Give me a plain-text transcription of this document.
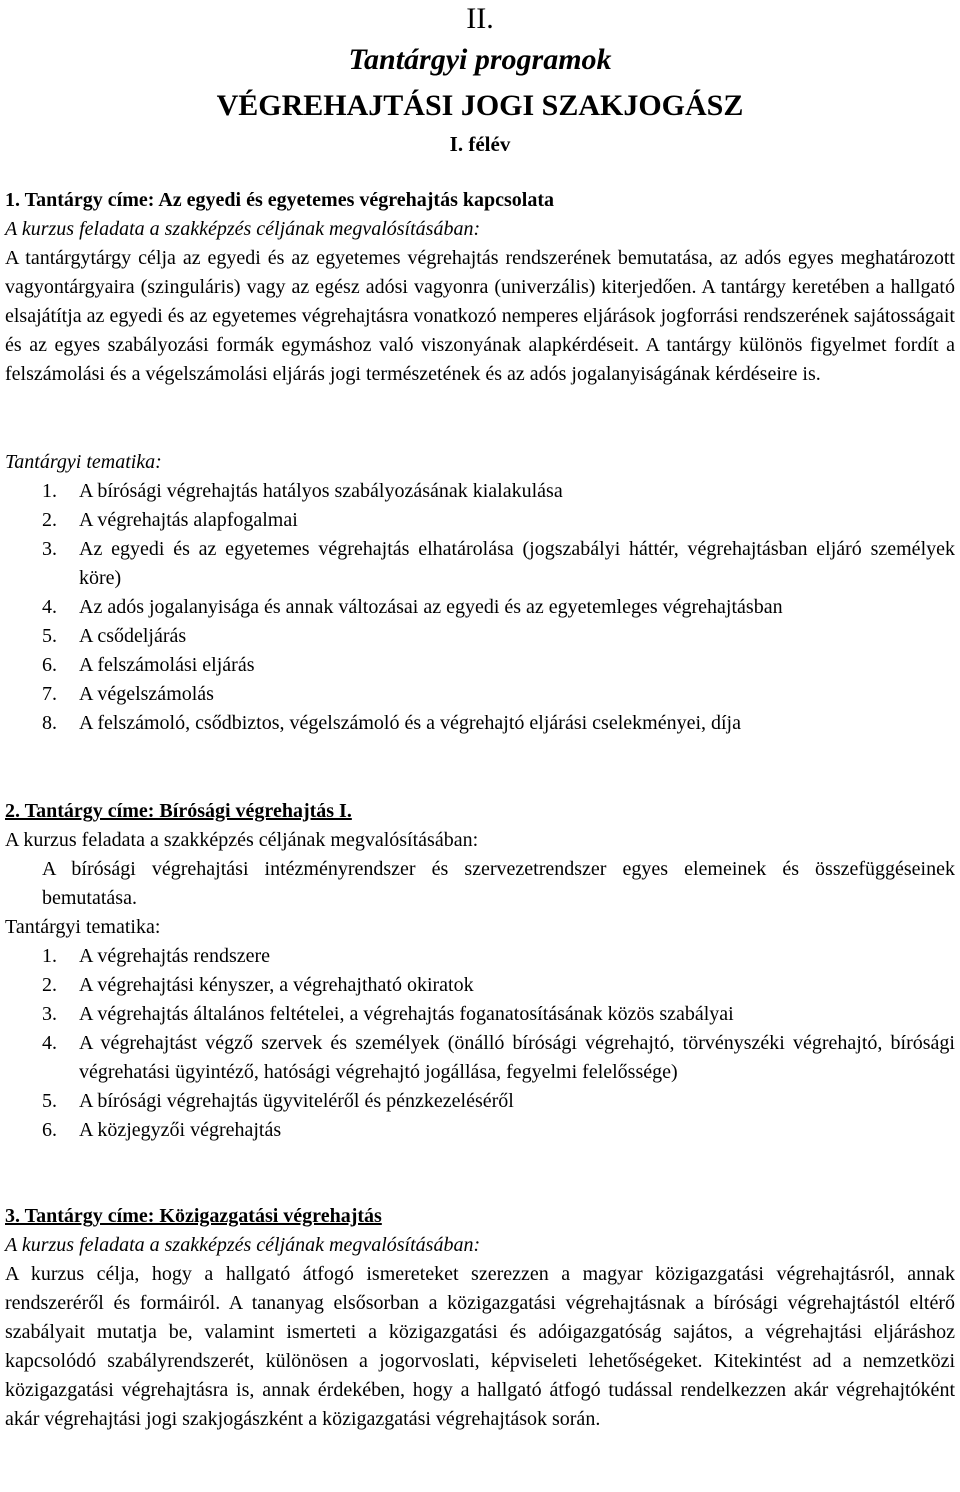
II.
Tantárgyi programok
VÉGREHAJTÁSI JOGI SZAKJOGÁSZ
I. félév
1. Tantárgy címe: Az egyedi és egyetemes végrehajtás kapcsolata
A kurzus feladata a szakképzés céljának megvalósításában:
A tantárgytárgy célja az egyedi és az egyetemes végrehajtás rendszerének bemutatása, az adós egyes meghatározott vagyontárgyaira (szinguláris) vagy az egész adósi vagyonra (univerzális) kiterjedően. A tantárgy keretében a hallgató elsajátítja az egyedi és az egyetemes végrehajtásra vonatkozó nemperes eljárások jogforrási rendszerének sajátosságait és az egyes szabályozási formák egymáshoz való viszonyának alapkérdéseit. A tantárgy különös figyelmet fordít a felszámolási és a végelszámolási eljárás jogi természetének és az adós jogalanyiságának kérdéseire is.
Tantárgyi tematika:
1. A bírósági végrehajtás hatályos szabályozásának kialakulása
2. A végrehajtás alapfogalmai
3. Az egyedi és az egyetemes végrehajtás elhatárolása (jogszabályi háttér, végrehajtásban eljáró személyek köre)
4. Az adós jogalanyisága és annak változásai az egyedi és az egyetemleges végrehajtásban
5. A csődeljárás
6. A felszámolási eljárás
7. A végelszámolás
8. A felszámoló, csődbiztos, végelszámoló és a végrehajtó eljárási cselekményei, díja
2. Tantárgy címe: Bírósági végrehajtás I.
A kurzus feladata a szakképzés céljának megvalósításában:
A bírósági végrehajtási intézményrendszer és szervezetrendszer egyes elemeinek és összefüggéseinek bemutatása.
Tantárgyi tematika:
1. A végrehajtás rendszere
2. A végrehajtási kényszer, a végrehajtható okiratok
3. A végrehajtás általános feltételei, a végrehajtás foganatosításának közös szabályai
4. A végrehajtást végző szervek és személyek (önálló bírósági végrehajtó, törvényszéki végrehajtó, bírósági végrehatási ügyintéző, hatósági végrehajtó jogállása, fegyelmi felelőssége)
5. A bírósági végrehajtás ügyviteléről és pénzkezeléséről
6. A közjegyzői végrehajtás
3. Tantárgy címe: Közigazgatási végrehajtás
A kurzus feladata a szakképzés céljának megvalósításában:
A kurzus célja, hogy a hallgató átfogó ismereteket szerezzen a magyar közigazgatási végrehajtásról, annak rendszeréről és formáiról. A tananyag elsősorban a közigazgatási végrehajtásnak a bírósági végrehajtástól eltérő szabályait mutatja be, valamint ismerteti a közigazgatási és adóigazgatóság sajátos, a végrehajtási eljáráshoz kapcsolódó szabályrendszerét, különösen a jogorvoslati, képviseleti lehetőségeket. Kitekintést ad a nemzetközi közigazgatási végrehajtásra is, annak érdekében, hogy a hallgató átfogó tudással rendelkezzen akár végrehajtóként akár végrehajtási jogi szakjogászként a közigazgatási végrehajtások során.
